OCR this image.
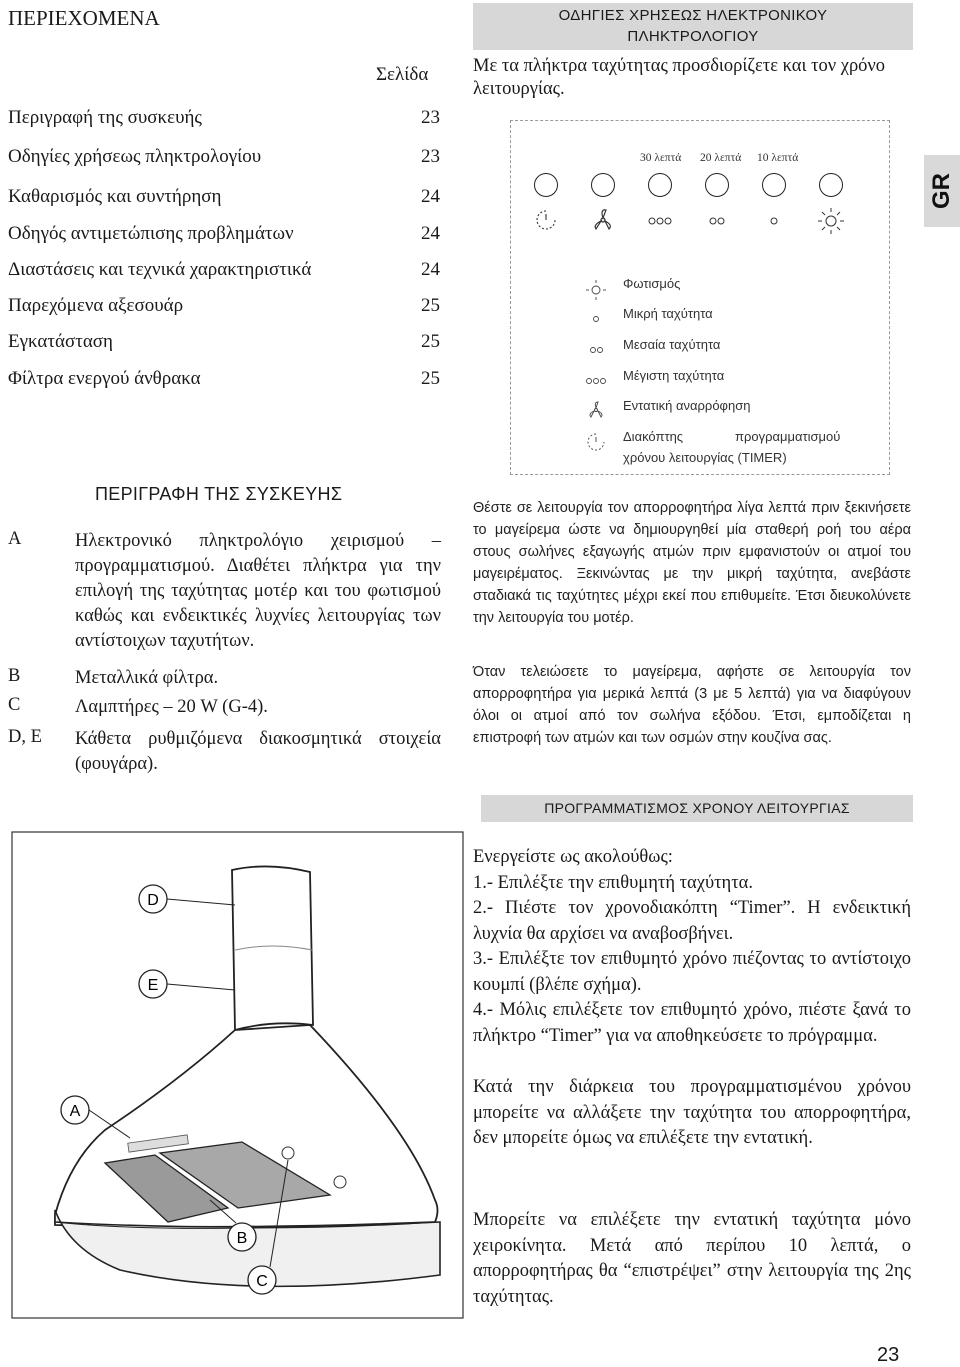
ΠΕΡΙΕΧΟΜΕΝΑ
Σελίδα
Περιγραφή της συσκευής	23
Οδηγίες χρήσεως πληκτρολογίου	23
Καθαρισμός και συντήρηση	24
Οδηγός αντιμετώπισης προβλημάτων	24
Διαστάσεις και τεχνικά χαρακτηριστικά	24
Παρεχόμενα αξεσουάρ	25
Εγκατάσταση	25
Φίλτρα ενεργού άνθρακα	25
ΠΕΡΙΓΡΑΦΗ ΤΗΣ ΣΥΣΚΕΥΗΣ
A	Ηλεκτρονικό πληκτρολόγιο χειρισμού – προγραμματισμού. Διαθέτει πλήκτρα για την επιλογή της ταχύτητας μοτέρ και του φωτισμού καθώς και ενδεικτικές λυχνίες λειτουργίας των αντίστοιχων ταχυτήτων.
B	Μεταλλικά φίλτρα.
C	Λαμπτήρες – 20 W (G-4).
D, E Κάθετα ρυθμιζόμενα διακοσμητικά στοιχεία (φουγάρα).
D
E
A
B
C
ΟΔΗΓΙΕΣ ΧΡΗΣΕΩΣ ΗΛΕΚΤΡΟΝΙΚΟΥ
ΠΛΗΚΤΡΟΛΟΓΙΟΥ
Με τα πλήκτρα ταχύτητας προσδιορίζετε και τον χρόνο λειτουργίας.
30 λεπτά 20 λεπτά 10 λεπτά
Φωτισμός
Μικρή ταχύτητα
Μεσαία ταχύτητα
Μέγιστη ταχύτητα
Εντατική αναρρόφηση
Διακόπτης	προγραμματισμού
χρόνου λειτουργίας (TIMER)
GR
Θέστε σε λειτουργία τον απορροφητήρα λίγα λεπτά πριν ξεκινήσετε το μαγείρεμα ώστε να δημιουργηθεί μία σταθερή ροή του αέρα στους σωλήνες εξαγωγής ατμών πριν εμφανιστούν οι ατμοί του μαγειρέματος. Ξεκινώντας με την μικρή ταχύτητα, ανεβάστε σταδιακά τις ταχύτητες μέχρι εκεί που επιθυμείτε. Έτσι διευκολύνετε την λειτουργία του μοτέρ.
Όταν τελειώσετε το μαγείρεμα, αφήστε σε λειτουργία τον απορροφητήρα για μερικά λεπτά (3 με 5 λεπτά) για να διαφύγουν όλοι οι ατμοί από τον σωλήνα εξόδου. Έτσι, εμποδίζεται η επιστροφή των ατμών και των οσμών στην κουζίνα σας.
ΠΡΟΓΡΑΜΜΑΤΙΣΜΟΣ ΧΡΟΝΟΥ ΛΕΙΤΟΥΡΓΙΑΣ
Ενεργείστε ως ακολούθως:
1.- Επιλέξτε την επιθυμητή ταχύτητα.
2.- Πιέστε τον χρονοδιακόπτη “Timer”. Η ενδεικτική λυχνία θα αρχίσει να αναβοσβήνει.
3.- Επιλέξτε τον επιθυμητό χρόνο πιέζοντας το αντίστοιχο κουμπί (βλέπε σχήμα).
4.- Μόλις επιλέξετε τον επιθυμητό χρόνο, πιέστε ξανά το πλήκτρο “Timer” για να αποθηκεύσετε το πρόγραμμα.
Κατά την διάρκεια του προγραμματισμένου χρόνου μπορείτε να αλλάξετε την ταχύτητα του απορροφητήρα, δεν μπορείτε όμως να επιλέξετε την εντατική.
Μπορείτε να επιλέξετε την εντατική ταχύτητα μόνο χειροκίνητα. Μετά από περίπου 10 λεπτά, ο απορροφητήρας θα “επιστρέψει” στην λειτουργία της 2ης ταχύτητας.
23
